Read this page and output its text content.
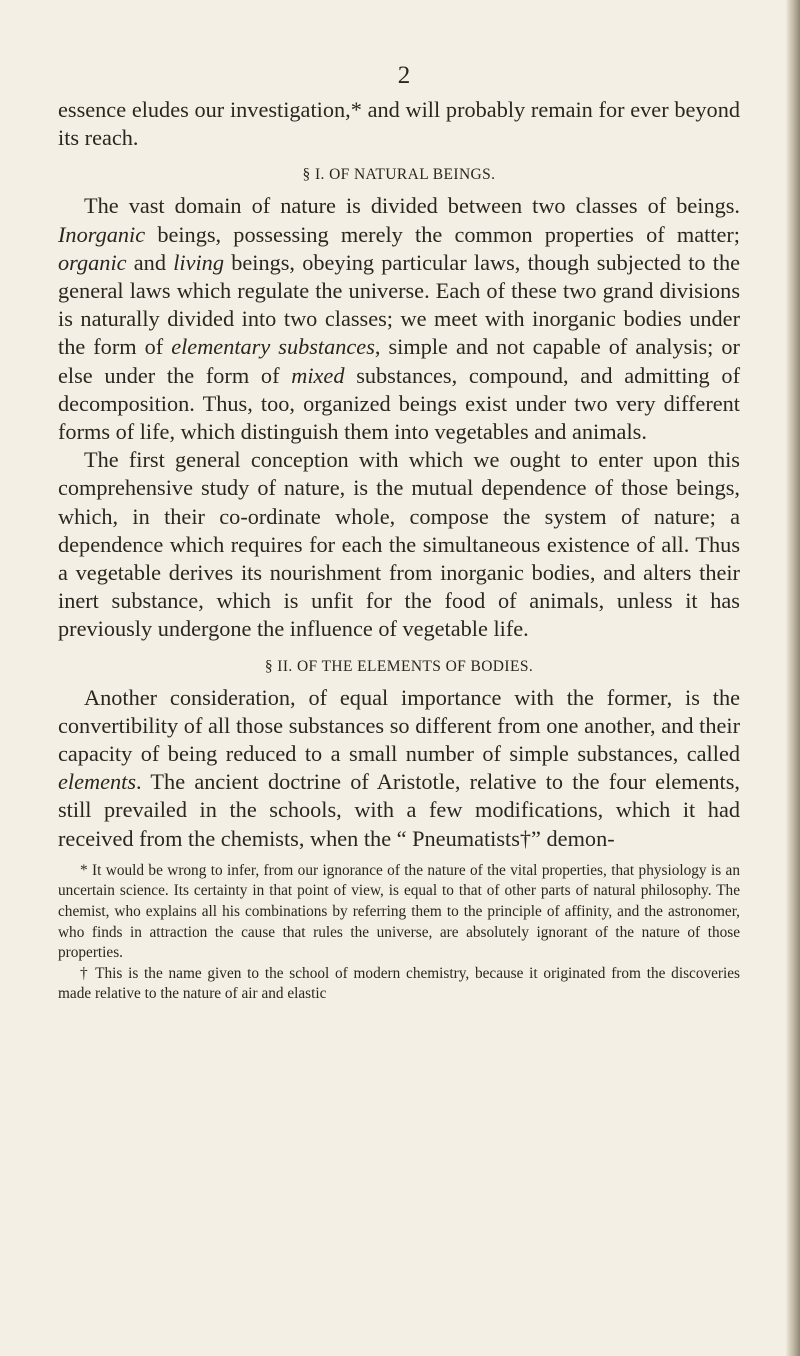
2

essence eludes our investigation,* and will probably remain for ever beyond its reach.

§ I. OF NATURAL BEINGS.

The vast domain of nature is divided between two classes of beings. Inorganic beings, possessing merely the common properties of matter; organic and living beings, obeying particular laws, though subjected to the general laws which regulate the universe. Each of these two grand divisions is naturally divided into two classes; we meet with inorganic bodies under the form of elementary substances, simple and not capable of analysis; or else under the form of mixed substances, compound, and admitting of decomposition. Thus, too, organized beings exist under two very different forms of life, which distinguish them into vegetables and animals.

The first general conception with which we ought to enter upon this comprehensive study of nature, is the mutual dependence of those beings, which, in their co-ordinate whole, compose the system of nature; a dependence which requires for each the simultaneous existence of all. Thus a vegetable derives its nourishment from inorganic bodies, and alters their inert substance, which is unfit for the food of animals, unless it has previously undergone the influence of vegetable life.

§ II. OF THE ELEMENTS OF BODIES.

Another consideration, of equal importance with the former, is the convertibility of all those substances so different from one another, and their capacity of being reduced to a small number of simple substances, called elements. The ancient doctrine of Aristotle, relative to the four elements, still prevailed in the schools, with a few modifications, which it had received from the chemists, when the “ Pneumatists†” demon-

* It would be wrong to infer, from our ignorance of the nature of the vital properties, that physiology is an uncertain science. Its certainty in that point of view, is equal to that of other parts of natural philosophy. The chemist, who explains all his combinations by referring them to the principle of affinity, and the astronomer, who finds in attraction the cause that rules the universe, are absolutely ignorant of the nature of those properties.

† This is the name given to the school of modern chemistry, because it originated from the discoveries made relative to the nature of air and elastic
